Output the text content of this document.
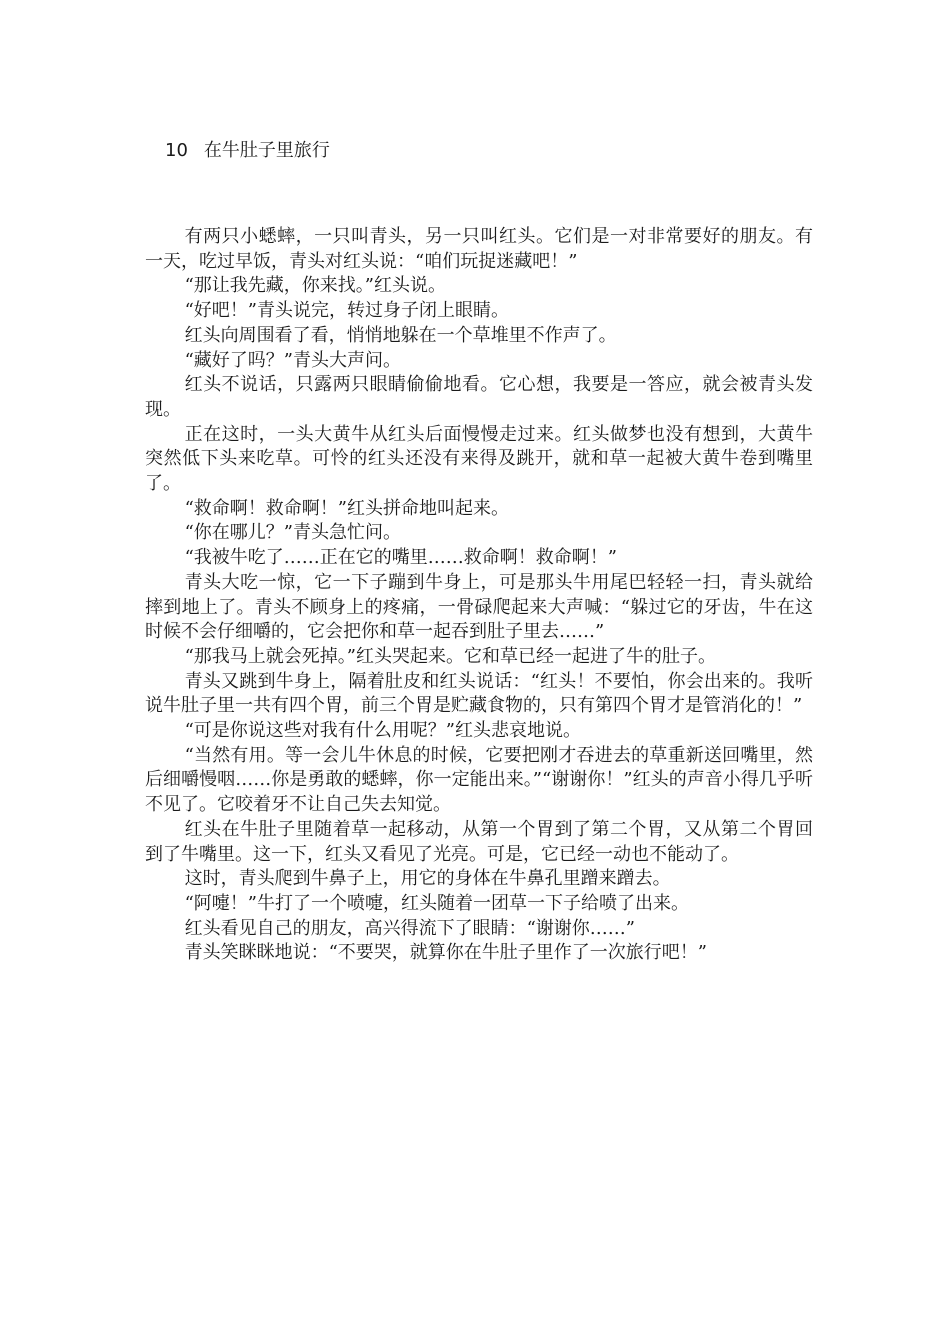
10 在牛肚子里旅行

有两只小蟋蟀，一只叫青头，另一只叫红头。它们是一对非常要好的朋友。有一天，吃过早饭，青头对红头说：“咱们玩捉迷藏吧！”

“那让我先藏，你来找。”红头说。

“好吧！”青头说完，转过身子闭上眼睛。

红头向周围看了看，悄悄地躲在一个草堆里不作声了。

“藏好了吗？”青头大声问。

红头不说话，只露两只眼睛偷偷地看。它心想，我要是一答应，就会被青头发现。

正在这时，一头大黄牛从红头后面慢慢走过来。红头做梦也没有想到，大黄牛突然低下头来吃草。可怜的红头还没有来得及跳开，就和草一起被大黄牛卷到嘴里了。

“救命啊！救命啊！”红头拼命地叫起来。

“你在哪儿？”青头急忙问。

“我被牛吃了……正在它的嘴里……救命啊！救命啊！”

青头大吃一惊，它一下子蹦到牛身上，可是那头牛用尾巴轻轻一扫，青头就给摔到地上了。青头不顾身上的疼痛，一骨碌爬起来大声喊：“躲过它的牙齿，牛在这时候不会仔细嚼的，它会把你和草一起吞到肚子里去……”

“那我马上就会死掉。”红头哭起来。它和草已经一起进了牛的肚子。

青头又跳到牛身上，隔着肚皮和红头说话：“红头！不要怕，你会出来的。我听说牛肚子里一共有四个胃，前三个胃是贮藏食物的，只有第四个胃才是管消化的！”

“可是你说这些对我有什么用呢？”红头悲哀地说。

“当然有用。等一会儿牛休息的时候，它要把刚才吞进去的草重新送回嘴里，然后细嚼慢咽……你是勇敢的蟋蟀，你一定能出来。”“谢谢你！”红头的声音小得几乎听不见了。它咬着牙不让自己失去知觉。

红头在牛肚子里随着草一起移动，从第一个胃到了第二个胃，又从第二个胃回到了牛嘴里。这一下，红头又看见了光亮。可是，它已经一动也不能动了。

这时，青头爬到牛鼻子上，用它的身体在牛鼻孔里蹭来蹭去。

“阿嚏！”牛打了一个喷嚏，红头随着一团草一下子给喷了出来。

红头看见自己的朋友，高兴得流下了眼睛：“谢谢你……”

青头笑眯眯地说：“不要哭，就算你在牛肚子里作了一次旅行吧！”
